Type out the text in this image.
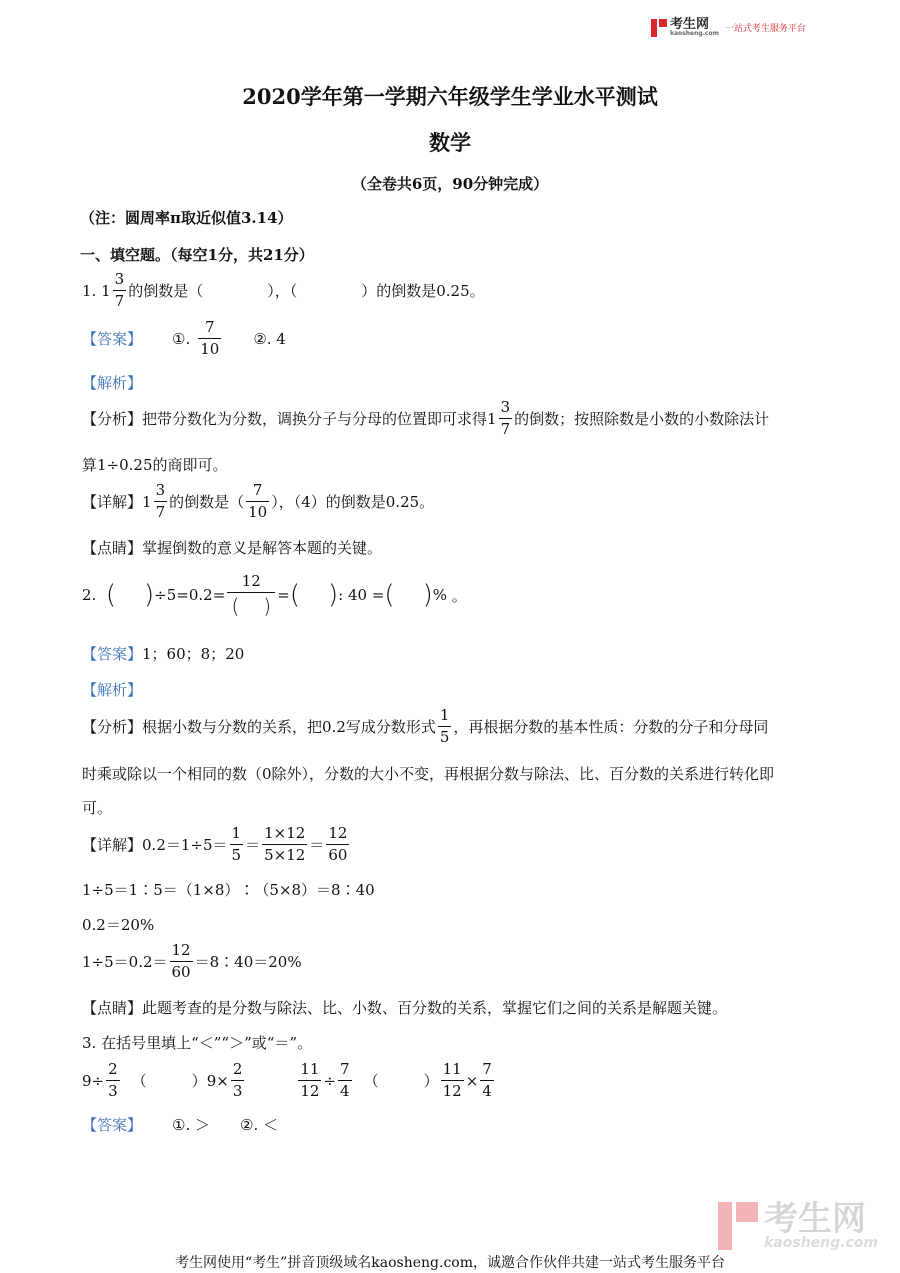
考生网
kaosheng.com 一站式考生服务平台
2020学年第一学期六年级学生学业水平测试
数学
（全卷共6页，90分钟完成）
（注：圆周率π取近似值3.14）
一、填空题。（每空1分，共21分）
1.
$1 \frac{3}{7}$ 的倒数是（	），（	）的倒数是0.25。
【答案】 ①. $\frac{7}{10}$ ②. 4
【解析】
【分析】 把带分数化为分数，调换分子与分母的位置即可求得 $1 \frac{3}{7}$ 的倒数；按照除数是小数的小数除法计
算1÷0.25的商即可。
【详解】 $1 \frac{3}{7}$ 的倒数是（ $\frac{7}{10}$ ），（4）的倒数是0.25。
【点睛】掌握倒数的意义是解答本题的关键。
2.
( ) $\div 5=0.2= \frac{12}{( )}$ = ( ) : 40 = ( ) %
。
【答案】1；60；8；20
【解析】
【分析】 根据小数与分数的关系，把0.2写成分数形式 $\frac{1}{5}$ ，再根据分数的基本性质：分数的分子和分母同
时乘或除以一个相同的数（0除外），分数的大小不变，再根据分数与除法、比、百分数的关系进行转化即
可。
【详解】 $0.2=1\div 5= \frac{1}{5} = \frac{1\times 12}{5\times 12} = \frac{12}{60}$
1÷5＝1∶5＝（1×8）∶（5×8）＝8∶40
0.2＝20%
$1\div 5=0.2= \frac{12}{60}$ ＝8∶40＝20%
【点睛】此题考查的是分数与除法、比、小数、百分数的关系，掌握它们之间的关系是解题关键。
3. 在括号里填上“＜”“＞”或“＝”。
$9\div \frac{2}{3}$ （　　　） $9\times \frac{2}{3}$	$\frac{11}{12} \div \frac{7}{4}$ （　　　） $\frac{11}{12} \times \frac{7}{4}$
【答案】 ①. ＞ ②. ＜
考生网
kaosheng.com
考生网使用“考生”拼音顶级域名kaosheng.com，诚邀合作伙伴共建一站式考生服务平台
